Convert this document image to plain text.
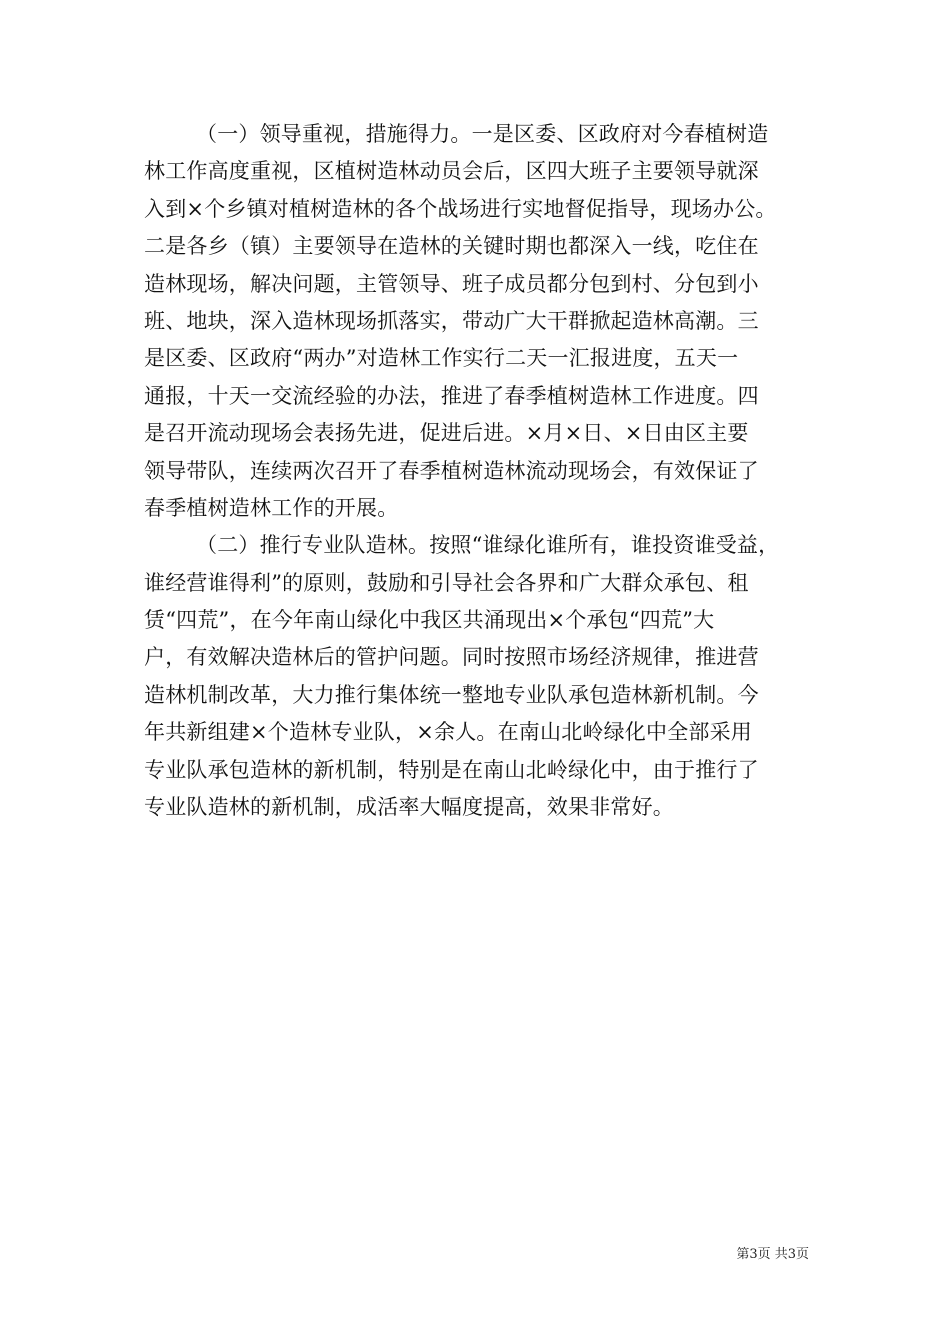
（一）领导重视，措施得力。一是区委、区政府对今春植树造
林工作高度重视，区植树造林动员会后，区四大班子主要领导就深
入到×个乡镇对植树造林的各个战场进行实地督促指导，现场办公。
二是各乡（镇）主要领导在造林的关键时期也都深入一线，吃住在
造林现场，解决问题，主管领导、班子成员都分包到村、分包到小
班、地块，深入造林现场抓落实，带动广大干群掀起造林高潮。三
是区委、区政府“两办”对造林工作实行二天一汇报进度，五天一
通报，十天一交流经验的办法，推进了春季植树造林工作进度。四
是召开流动现场会表扬先进，促进后进。×月×日、×日由区主要
领导带队，连续两次召开了春季植树造林流动现场会，有效保证了
春季植树造林工作的开展。
（二）推行专业队造林。按照“谁绿化谁所有，谁投资谁受益，
谁经营谁得利”的原则，鼓励和引导社会各界和广大群众承包、租
赁“四荒”，在今年南山绿化中我区共涌现出×个承包“四荒”大
户，有效解决造林后的管护问题。同时按照市场经济规律，推进营
造林机制改革，大力推行集体统一整地专业队承包造林新机制。今
年共新组建×个造林专业队，×余人。在南山北岭绿化中全部采用
专业队承包造林的新机制，特别是在南山北岭绿化中，由于推行了
专业队造林的新机制，成活率大幅度提高，效果非常好。
第3页 共3页
